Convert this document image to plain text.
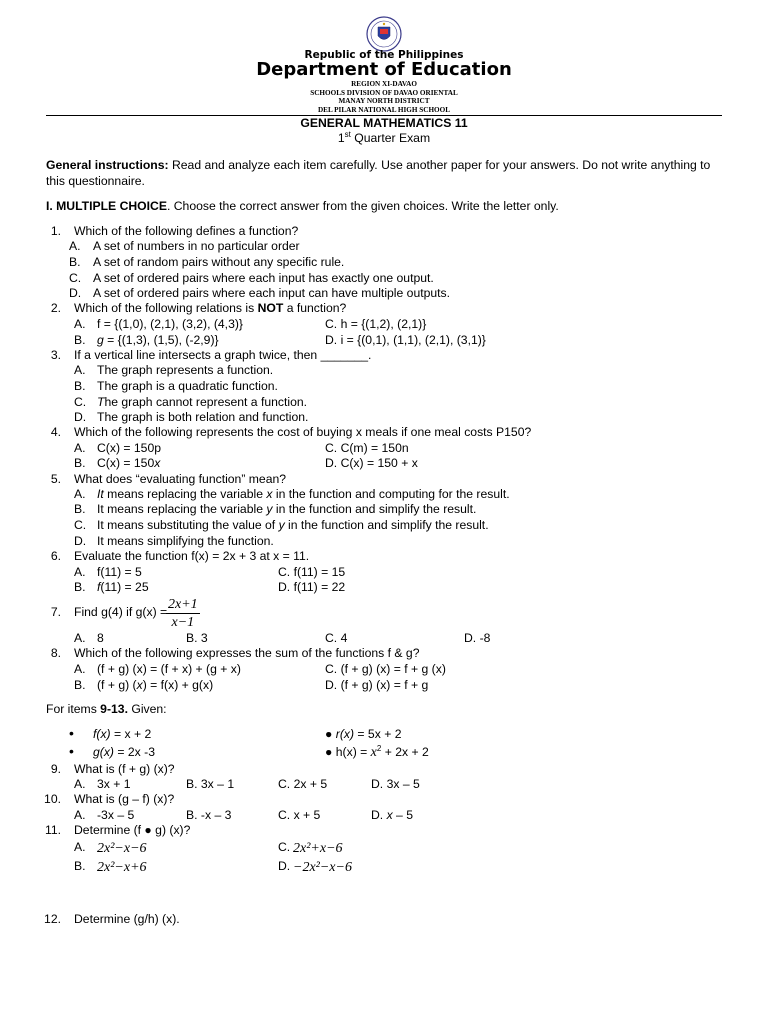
Republic of the Philippines
Department of Education
REGION XI-DAVAO
SCHOOLS DIVISION OF DAVAO ORIENTAL
MANAY NORTH DISTRICT
DEL PILAR NATIONAL HIGH SCHOOL
GENERAL MATHEMATICS 11
1st Quarter Exam
General instructions: Read and analyze each item carefully. Use another paper for your answers. Do not write anything to this questionnaire.
I. MULTIPLE CHOICE. Choose the correct answer from the given choices. Write the letter only.
1. Which of the following defines a function?
A. A set of numbers in no particular order
B. A set of random pairs without any specific rule.
C. A set of ordered pairs where each input has exactly one output.
D. A set of ordered pairs where each input can have multiple outputs.
2. Which of the following relations is NOT a function?
A. f = {(1,0), (2,1), (3,2), (4,3)}	C. h = {(1,2), (2,1)}
B. g = {(1,3), (1,5), (-2,9)}	D. i = {(0,1), (1,1), (2,1), (3,1)}
3. If a vertical line intersects a graph twice, then _______.
A. The graph represents a function.
B. The graph is a quadratic function.
C. The graph cannot represent a function.
D. The graph is both relation and function.
4. Which of the following represents the cost of buying x meals if one meal costs P150?
A. C(x) = 150p	C. C(m) = 150n
B. C(x) = 150x	D. C(x) = 150 + x
5. What does “evaluating function” mean?
A. It means replacing the variable x in the function and computing for the result.
B. It means replacing the variable y in the function and simplify the result.
C. It means substituting the value of y in the function and simplify the result.
D. It means simplifying the function.
6. Evaluate the function f(x) = 2x + 3 at x = 11.
A. f(11) = 5	C. f(11) = 15
B. f(11) = 25	D. f(11) = 22
7. Find g(4) if g(x) =
$\frac{2x+1}{x-1}$
A. 8	B. 3	C. 4	D. -8
8. Which of the following expresses the sum of the functions f & g?
A. (f + g) (x) = (f + x) + (g + x)	C. (f + g) (x) = f + g (x)
B. (f + g) (x) = f(x) + g(x)	D. (f + g) (x) = f + g
For items 9-13. Given:
• f(x) = x + 2	● r(x) = 5x + 2
• g(x) = 2x -3	● $h(x) = x^2 + 2x + 2$
9. What is (f + g) (x)?
A. 3x + 1	B. 3x – 1	C. 2x + 5	D. 3x – 5
10. What is (g – f) (x)?
A. -3x – 5	B. -x – 3	C. x + 5	D. x – 5
11. Determine (f ● g) (x)?
A. 2x²−x−6	C. 2x²+x−6
B. 2x²−x+6	D. −2x²−x−6
12. Determine (g/h) (x).
